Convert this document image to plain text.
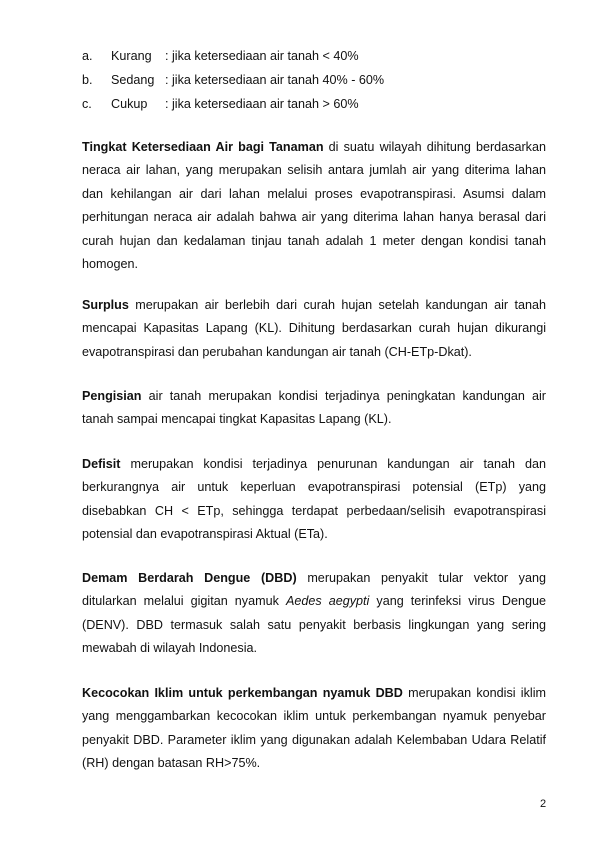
a. Kurang : jika ketersediaan air tanah < 40%
b. Sedang : jika ketersediaan air tanah 40% - 60%
c. Cukup : jika ketersediaan air tanah > 60%

Tingkat Ketersediaan Air bagi Tanaman di suatu wilayah dihitung berdasarkan neraca air lahan, yang merupakan selisih antara jumlah air yang diterima lahan dan kehilangan air dari lahan melalui proses evapotranspirasi. Asumsi dalam perhitungan neraca air adalah bahwa air yang diterima lahan hanya berasal dari curah hujan dan kedalaman tinjau tanah adalah 1 meter dengan kondisi tanah homogen.

Surplus merupakan air berlebih dari curah hujan setelah kandungan air tanah mencapai Kapasitas Lapang (KL). Dihitung berdasarkan curah hujan dikurangi evapotranspirasi dan perubahan kandungan air tanah (CH-ETp-Dkat).

Pengisian air tanah merupakan kondisi terjadinya peningkatan kandungan air tanah sampai mencapai tingkat Kapasitas Lapang (KL).

Defisit merupakan kondisi terjadinya penurunan kandungan air tanah dan berkurangnya air untuk keperluan evapotranspirasi potensial (ETp) yang disebabkan CH < ETp, sehingga terdapat perbedaan/selisih evapotranspirasi potensial dan evapotranspirasi Aktual (ETa).

Demam Berdarah Dengue (DBD) merupakan penyakit tular vektor yang ditularkan melalui gigitan nyamuk Aedes aegypti yang terinfeksi virus Dengue (DENV). DBD termasuk salah satu penyakit berbasis lingkungan yang sering mewabah di wilayah Indonesia.

Kecocokan Iklim untuk perkembangan nyamuk DBD merupakan kondisi iklim yang menggambarkan kecocokan iklim untuk perkembangan nyamuk penyebar penyakit DBD. Parameter iklim yang digunakan adalah Kelembaban Udara Relatif (RH) dengan batasan RH>75%.

2
